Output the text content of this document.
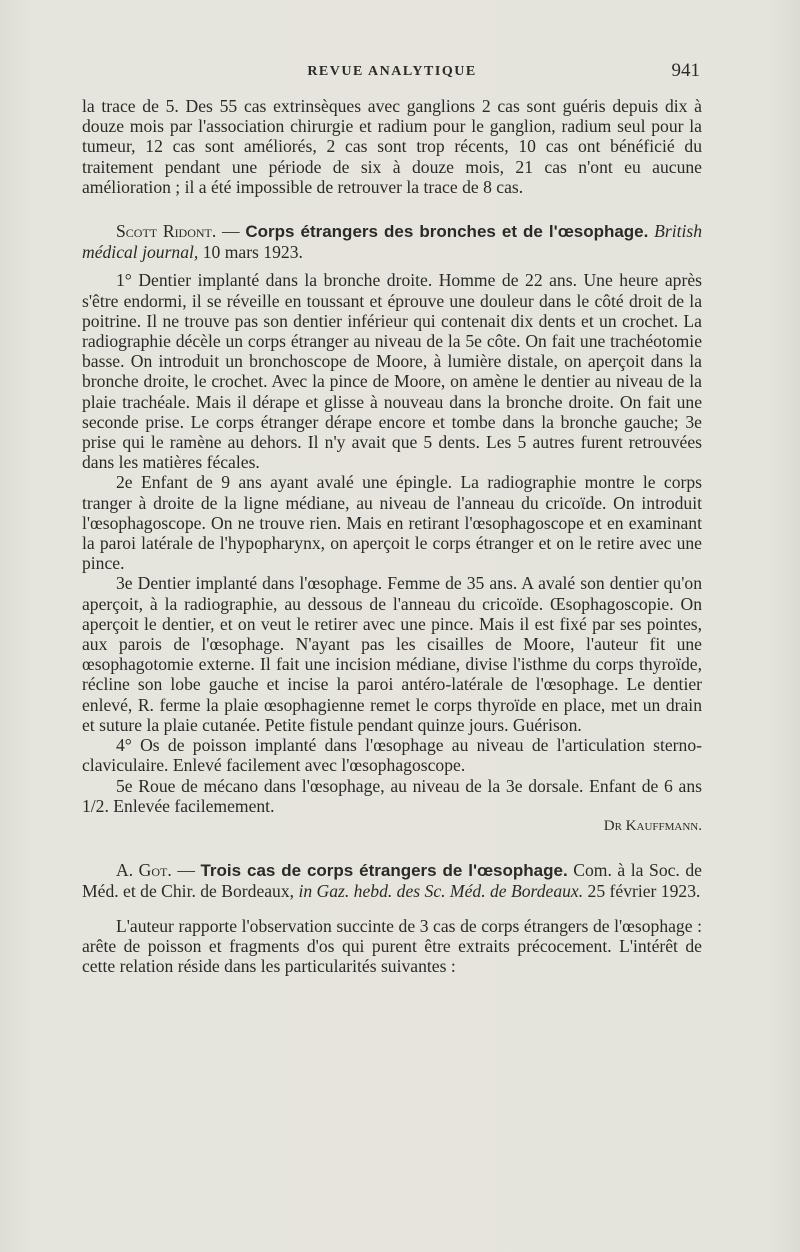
REVUE ANALYTIQUE	941

la trace de 5. Des 55 cas extrinsèques avec ganglions 2 cas sont guéris depuis dix à douze mois par l'association chirurgie et radium pour le ganglion, radium seul pour la tumeur, 12 cas sont améliorés, 2 cas sont trop récents, 10 cas ont bénéficié du traitement pendant une période de six à douze mois, 21 cas n'ont eu aucune amélioration ; il a été impossible de retrouver la trace de 8 cas.

Scott Ridont. — Corps étrangers des bronches et de l'œsophage. British médical journal, 10 mars 1923.

1° Dentier implanté dans la bronche droite. Homme de 22 ans. Une heure après s'être endormi, il se réveille en toussant et éprouve une douleur dans le côté droit de la poitrine. Il ne trouve pas son dentier inférieur qui contenait dix dents et un crochet. La radiographie décèle un corps étranger au niveau de la 5e côte. On fait une trachéotomie basse. On introduit un bronchoscope de Moore, à lumière distale, on aperçoit dans la bronche droite, le crochet. Avec la pince de Moore, on amène le dentier au niveau de la plaie trachéale. Mais il dérape et glisse à nouveau dans la bronche droite. On fait une seconde prise. Le corps étranger dérape encore et tombe dans la bronche gauche; 3e prise qui le ramène au dehors. Il n'y avait que 5 dents. Les 5 autres furent retrouvées dans les matières fécales.

2e Enfant de 9 ans ayant avalé une épingle. La radiographie montre le corps tranger à droite de la ligne médiane, au niveau de l'anneau du cricoïde. On introduit l'œsophagoscope. On ne trouve rien. Mais en retirant l'œsophagoscope et en examinant la paroi latérale de l'hypopharynx, on aperçoit le corps étranger et on le retire avec une pince.

3e Dentier implanté dans l'œsophage. Femme de 35 ans. A avalé son dentier qu'on aperçoit, à la radiographie, au dessous de l'anneau du cricoïde. Œsophagoscopie. On aperçoit le dentier, et on veut le retirer avec une pince. Mais il est fixé par ses pointes, aux parois de l'œsophage. N'ayant pas les cisailles de Moore, l'auteur fit une œsophagotomie externe. Il fait une incision médiane, divise l'isthme du corps thyroïde, récline son lobe gauche et incise la paroi antéro-latérale de l'œsophage. Le dentier enlevé, R. ferme la plaie œsophagienne remet le corps thyroïde en place, met un drain et suture la plaie cutanée. Petite fistule pendant quinze jours. Guérison.

4° Os de poisson implanté dans l'œsophage au niveau de l'articulation sterno-claviculaire. Enlevé facilement avec l'œsophagoscope.

5e Roue de mécano dans l'œsophage, au niveau de la 3e dorsale. Enfant de 6 ans 1/2. Enlevée facilemement.

Dr Kauffmann.

A. Got. — Trois cas de corps étrangers de l'œsophage. Com. à la Soc. de Méd. et de Chir. de Bordeaux, in Gaz. hebd. des Sc. Méd. de Bordeaux. 25 février 1923.

L'auteur rapporte l'observation succinte de 3 cas de corps étrangers de l'œsophage : arête de poisson et fragments d'os qui purent être extraits précocement. L'intérêt de cette relation réside dans les particularités suivantes :
